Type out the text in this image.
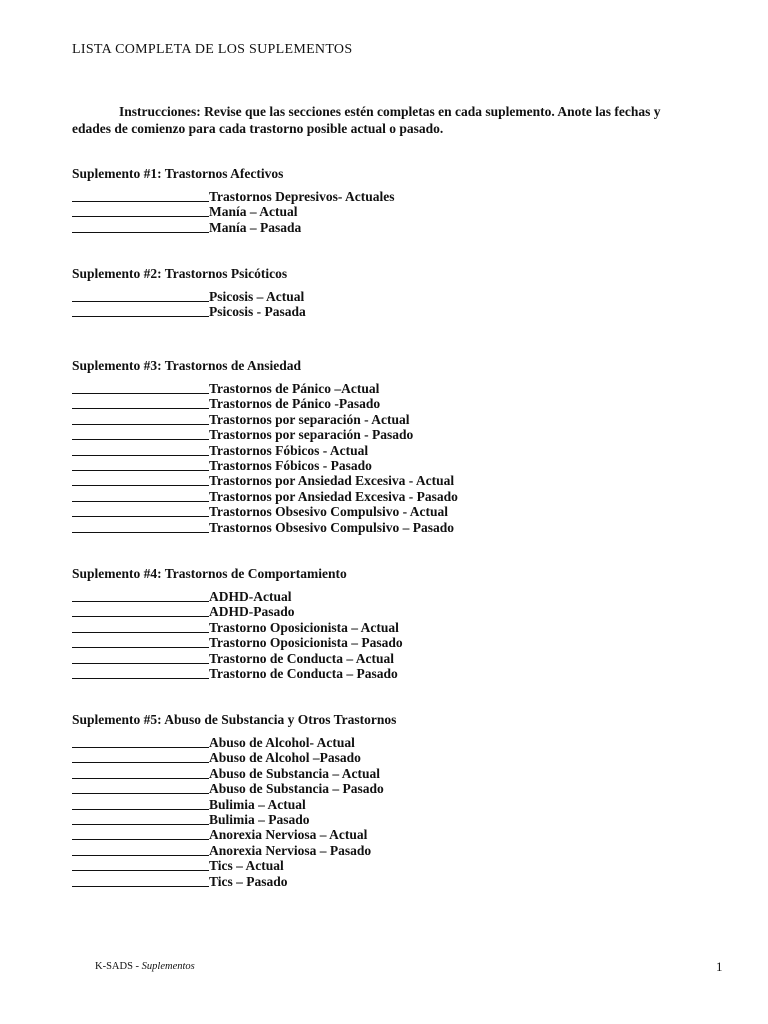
LISTA COMPLETA DE LOS SUPLEMENTOS
Instrucciones: Revise que las secciones estén completas en cada suplemento. Anote las fechas y edades de comienzo para cada trastorno posible actual o pasado.
Suplemento #1: Trastornos Afectivos
Trastornos Depresivos- Actuales
Manía – Actual
Manía – Pasada
Suplemento #2: Trastornos Psicóticos
Psicosis – Actual
Psicosis - Pasada
Suplemento #3: Trastornos de Ansiedad
Trastornos de Pánico –Actual
Trastornos de Pánico -Pasado
Trastornos por separación - Actual
Trastornos por separación - Pasado
Trastornos Fóbicos - Actual
Trastornos Fóbicos - Pasado
Trastornos por Ansiedad Excesiva - Actual
Trastornos por Ansiedad Excesiva - Pasado
Trastornos Obsesivo Compulsivo - Actual
Trastornos Obsesivo Compulsivo – Pasado
Suplemento #4: Trastornos de Comportamiento
ADHD-Actual
ADHD-Pasado
Trastorno Oposicionista – Actual
Trastorno Oposicionista – Pasado
Trastorno de Conducta – Actual
Trastorno de Conducta – Pasado
Suplemento #5: Abuso de Substancia y Otros Trastornos
Abuso de Alcohol- Actual
Abuso de Alcohol –Pasado
Abuso de Substancia – Actual
Abuso de Substancia – Pasado
Bulimia – Actual
Bulimia – Pasado
Anorexia Nerviosa – Actual
Anorexia Nerviosa – Pasado
Tics – Actual
Tics – Pasado
K-SADS - Suplementos	1
